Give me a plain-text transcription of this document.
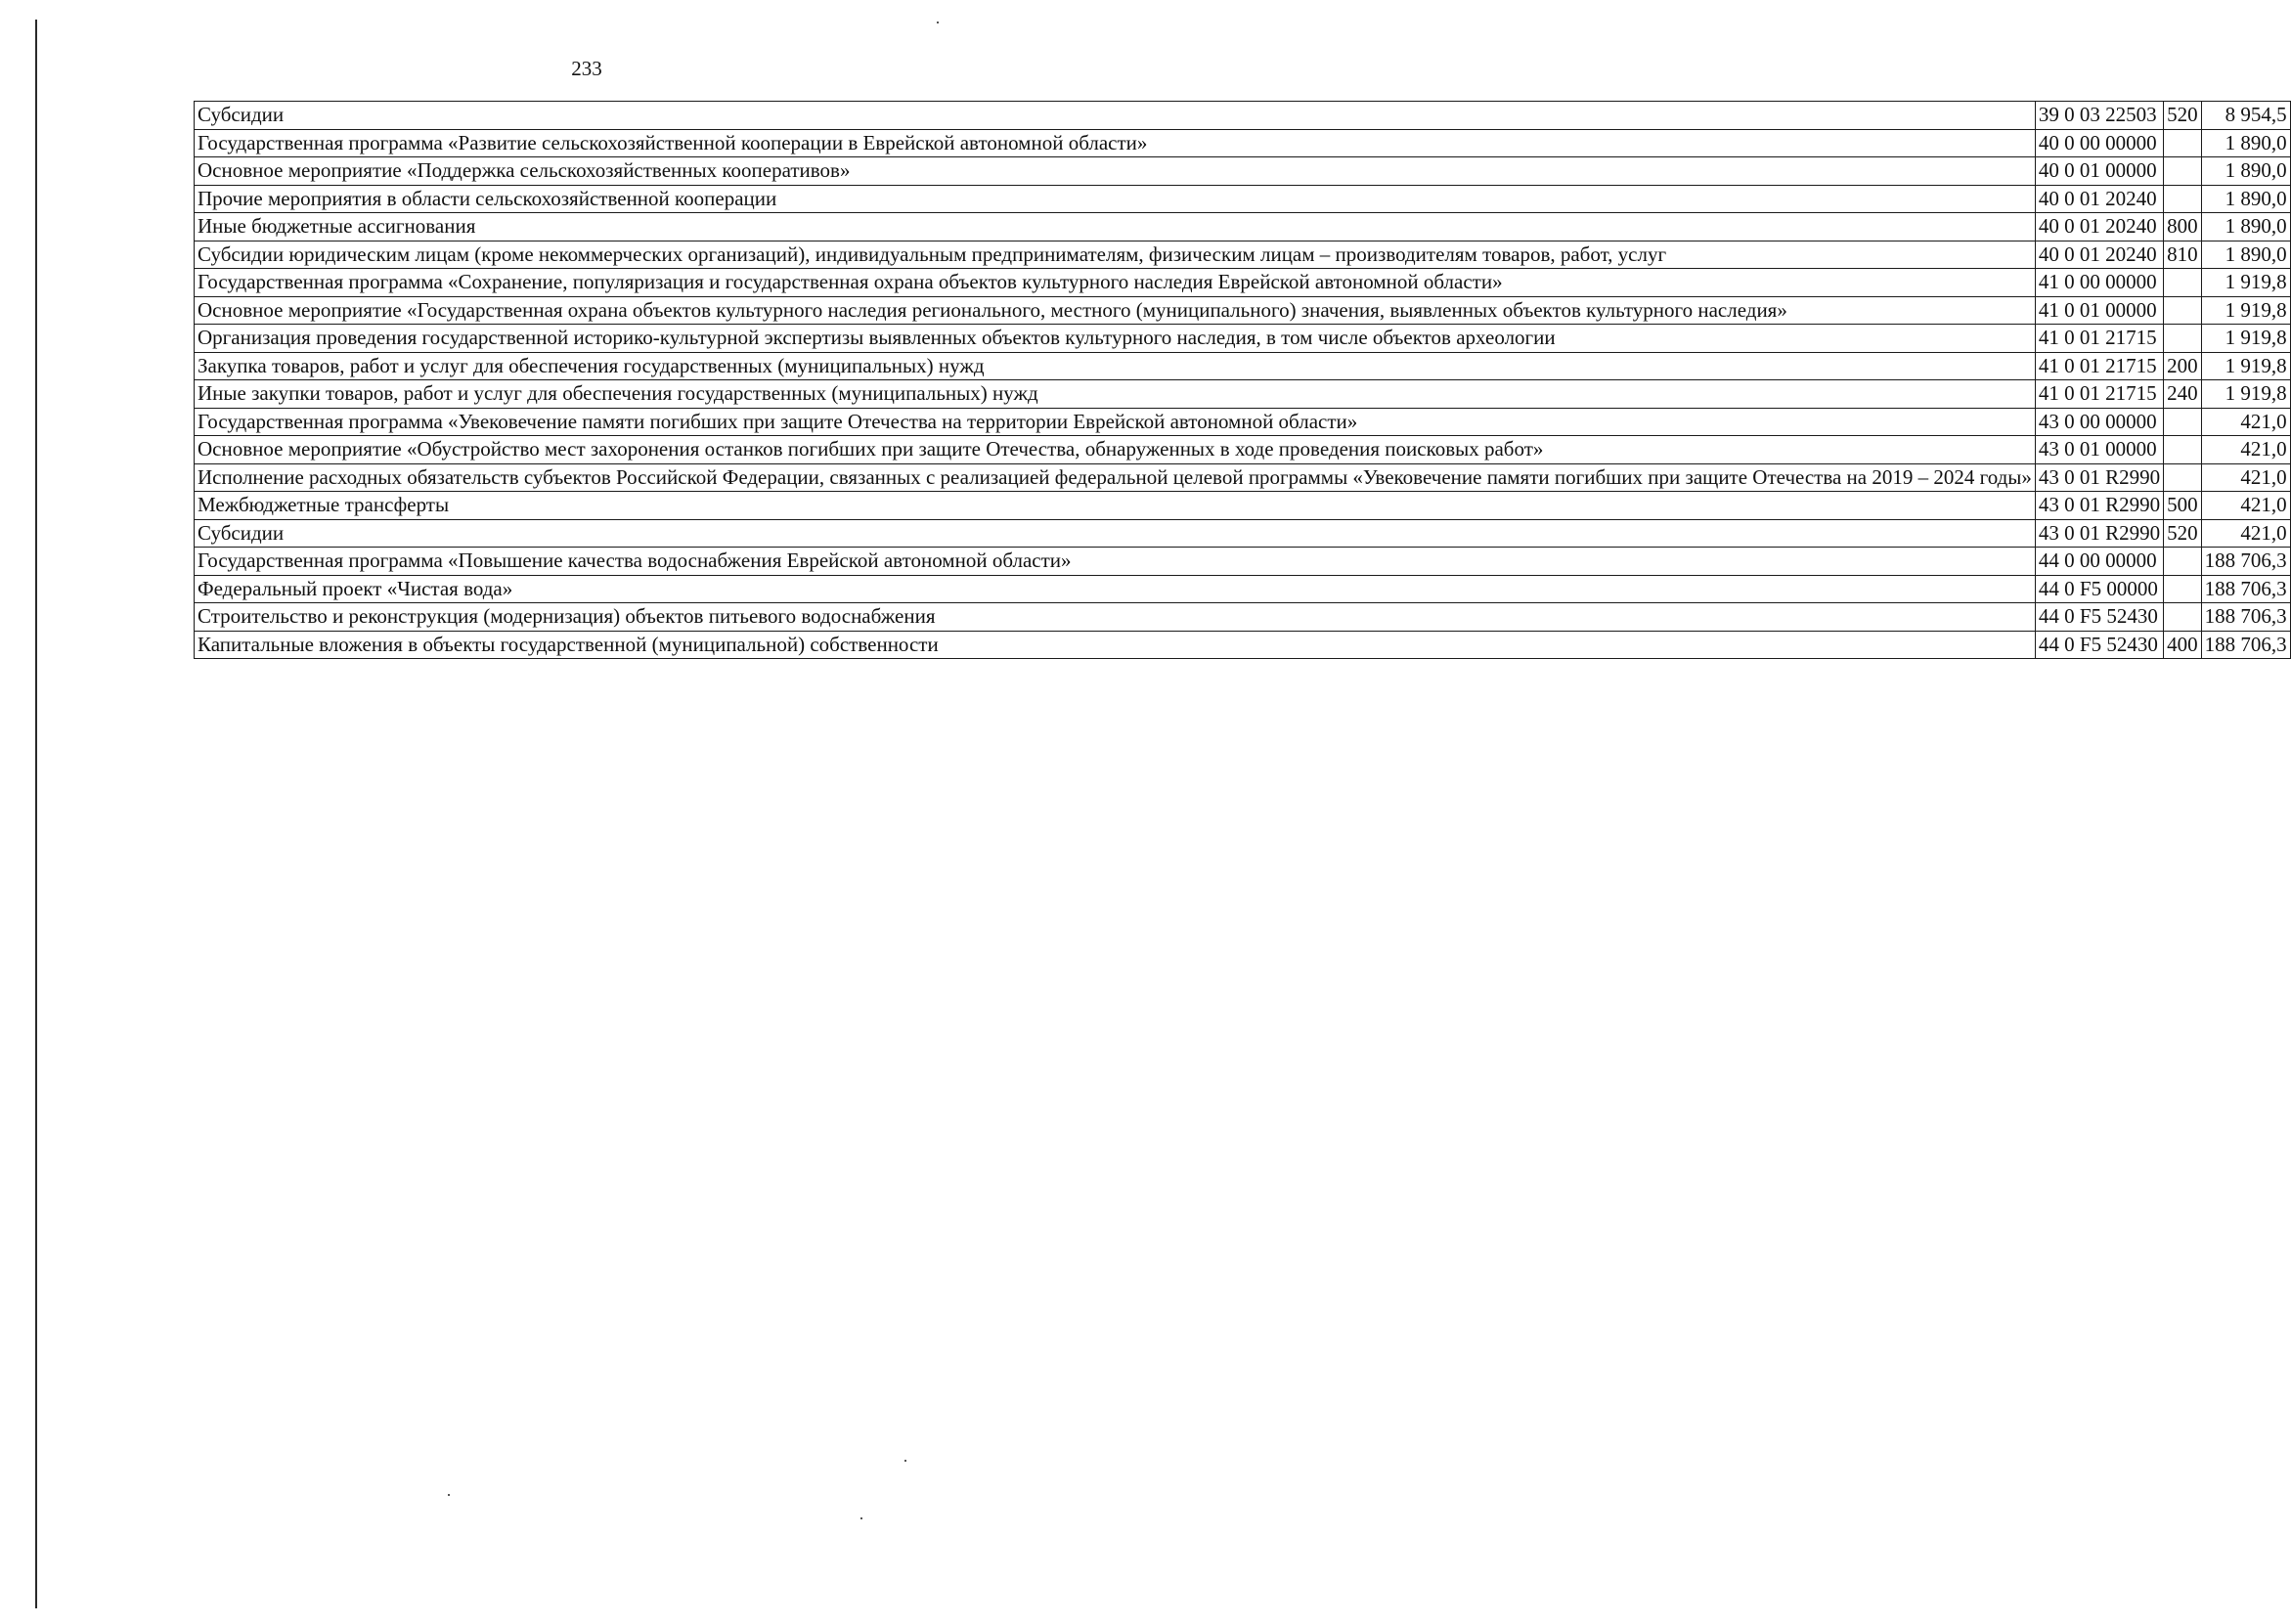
233
Субсидии	39 0 03 22503	520	8 954,5
Государственная программа «Развитие сельскохозяйственной кооперации в Еврейской автономной области»	40 0 00 00000		1 890,0
Основное мероприятие «Поддержка сельскохозяйственных кооперативов»	40 0 01 00000		1 890,0
Прочие мероприятия в области сельскохозяйственной кооперации	40 0 01 20240		1 890,0
Иные бюджетные ассигнования	40 0 01 20240	800	1 890,0
Субсидии юридическим лицам (кроме некоммерческих организаций), индивидуальным предпринимателям, физическим лицам – производителям товаров, работ, услуг	40 0 01 20240	810	1 890,0
Государственная программа «Сохранение, популяризация и государственная охрана объектов культурного наследия Еврейской автономной области»	41 0 00 00000		1 919,8
Основное мероприятие «Государственная охрана объектов культурного наследия регионального, местного (муниципального) значения, выявленных объектов культурного наследия»	41 0 01 00000		1 919,8
Организация проведения государственной историко-культурной экспертизы выявленных объектов культурного наследия, в том числе объектов археологии	41 0 01 21715		1 919,8
Закупка товаров, работ и услуг для обеспечения государственных (муниципальных) нужд	41 0 01 21715	200	1 919,8
Иные закупки товаров, работ и услуг для обеспечения государственных (муниципальных) нужд	41 0 01 21715	240	1 919,8
Государственная программа «Увековечение памяти погибших при защите Отечества на территории Еврейской автономной области»	43 0 00 00000		421,0
Основное мероприятие «Обустройство мест захоронения останков погибших при защите Отечества, обнаруженных в ходе проведения поисковых работ»	43 0 01 00000		421,0
Исполнение расходных обязательств субъектов Российской Федерации, связанных с реализацией федеральной целевой программы «Увековечение памяти погибших при защите Отечества на 2019 – 2024 годы»	43 0 01 R2990		421,0
Межбюджетные трансферты	43 0 01 R2990	500	421,0
Субсидии	43 0 01 R2990	520	421,0
Государственная программа «Повышение качества водоснабжения Еврейской автономной области»	44 0 00 00000		188 706,3
Федеральный проект «Чистая вода»	44 0 F5 00000		188 706,3
Строительство и реконструкция (модернизация) объектов питьевого водоснабжения	44 0 F5 52430		188 706,3
Капитальные вложения в объекты государственной (муниципальной) собственности	44 0 F5 52430	400	188 706,3
